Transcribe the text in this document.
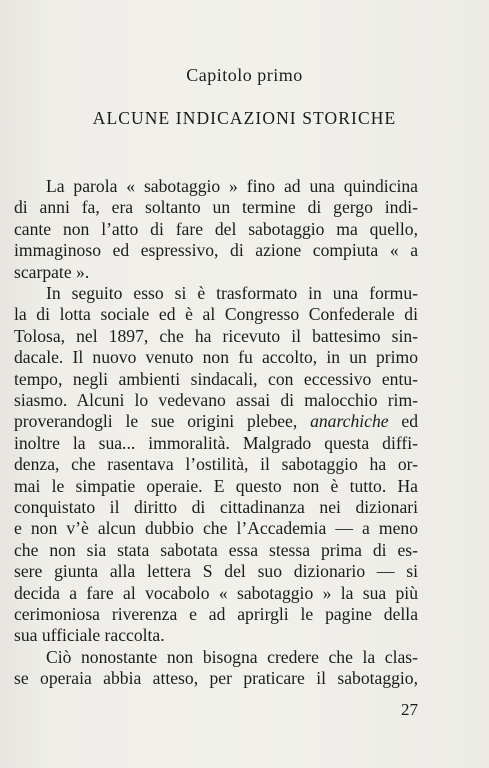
Capitolo primo
ALCUNE INDICAZIONI STORICHE
La parola « sabotaggio » fino ad una quindicina
di anni fa, era soltanto un termine di gergo indi-
cante non l’atto di fare del sabotaggio ma quello,
immaginoso ed espressivo, di azione compiuta « a
scarpate ».
In seguito esso si è trasformato in una formu-
la di lotta sociale ed è al Congresso Confederale di
Tolosa, nel 1897, che ha ricevuto il battesimo sin-
dacale. Il nuovo venuto non fu accolto, in un primo
tempo, negli ambienti sindacali, con eccessivo entu-
siasmo. Alcuni lo vedevano assai di malocchio rim-
proverandogli le sue origini plebee, anarchiche ed
inoltre la sua... immoralità. Malgrado questa diffi-
denza, che rasentava l’ostilità, il sabotaggio ha or-
mai le simpatie operaie. E questo non è tutto. Ha
conquistato il diritto di cittadinanza nei dizionari
e non v’è alcun dubbio che l’Accademia — a meno
che non sia stata sabotata essa stessa prima di es-
sere giunta alla lettera S del suo dizionario — si
decida a fare al vocabolo « sabotaggio » la sua più
cerimoniosa riverenza e ad aprirgli le pagine della
sua ufficiale raccolta.
Ciò nonostante non bisogna credere che la clas-
se operaia abbia atteso, per praticare il sabotaggio,
27
